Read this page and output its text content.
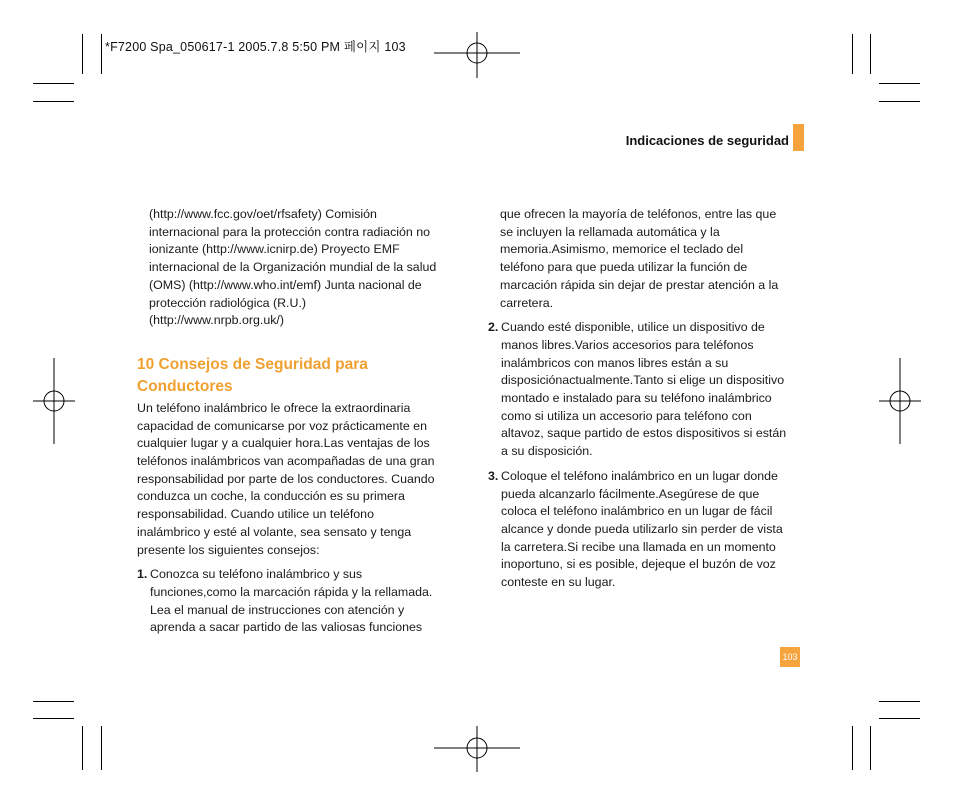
*F7200 Spa_050617-1 2005.7.8 5:50 PM 페이지 103
Indicaciones de seguridad

(http://www.fcc.gov/oet/rfsafety) Comisión

internacional para la protección contra radiación no

ionizante (http://www.icnirp.de) Proyecto EMF

internacional de la Organización mundial de la salud

(OMS) (http://www.who.int/emf) Junta nacional de

protección radiológica (R.U.)

(http://www.nrpb.org.uk/)

10 Consejos de Seguridad para
Conductores

Un teléfono inalámbrico le ofrece la extraordinaria

capacidad de comunicarse por voz prácticamente en

cualquier lugar y a cualquier hora.Las ventajas de los

teléfonos inalámbricos van acompañadas de una gran

responsabilidad por parte de los conductores. Cuando

conduzca un coche, la conducción es su primera

responsabilidad. Cuando utilice un teléfono

inalámbrico y esté al volante, sea sensato y tenga

presente los siguientes consejos:

1. Conozca su teléfono inalámbrico y sus

funciones,como la marcación rápida y la rellamada.

Lea el manual de instrucciones con atención y

aprenda a sacar partido de las valiosas funciones

que ofrecen la mayoría de teléfonos, entre las que

se incluyen la rellamada automática y la

memoria.Asimismo, memorice el teclado del

teléfono para que pueda utilizar la función de

marcación rápida sin dejar de prestar atención a la

carretera.

2. Cuando esté disponible, utilice un dispositivo de

manos libres.Varios accesorios para teléfonos

inalámbricos con manos libres están a su

disposiciónactualmente.Tanto si elige un dispositivo

montado e instalado para su teléfono inalámbrico

como si utiliza un accesorio para teléfono con

altavoz, saque partido de estos dispositivos si están

a su disposición.

3. Coloque el teléfono inalámbrico en un lugar donde

pueda alcanzarlo fácilmente.Asegúrese de que

coloca el teléfono inalámbrico en un lugar de fácil

alcance y donde pueda utilizarlo sin perder de vista

la carretera.Si recibe una llamada en un momento

inoportuno, si es posible, dejeque el buzón de voz

conteste en su lugar.

103
